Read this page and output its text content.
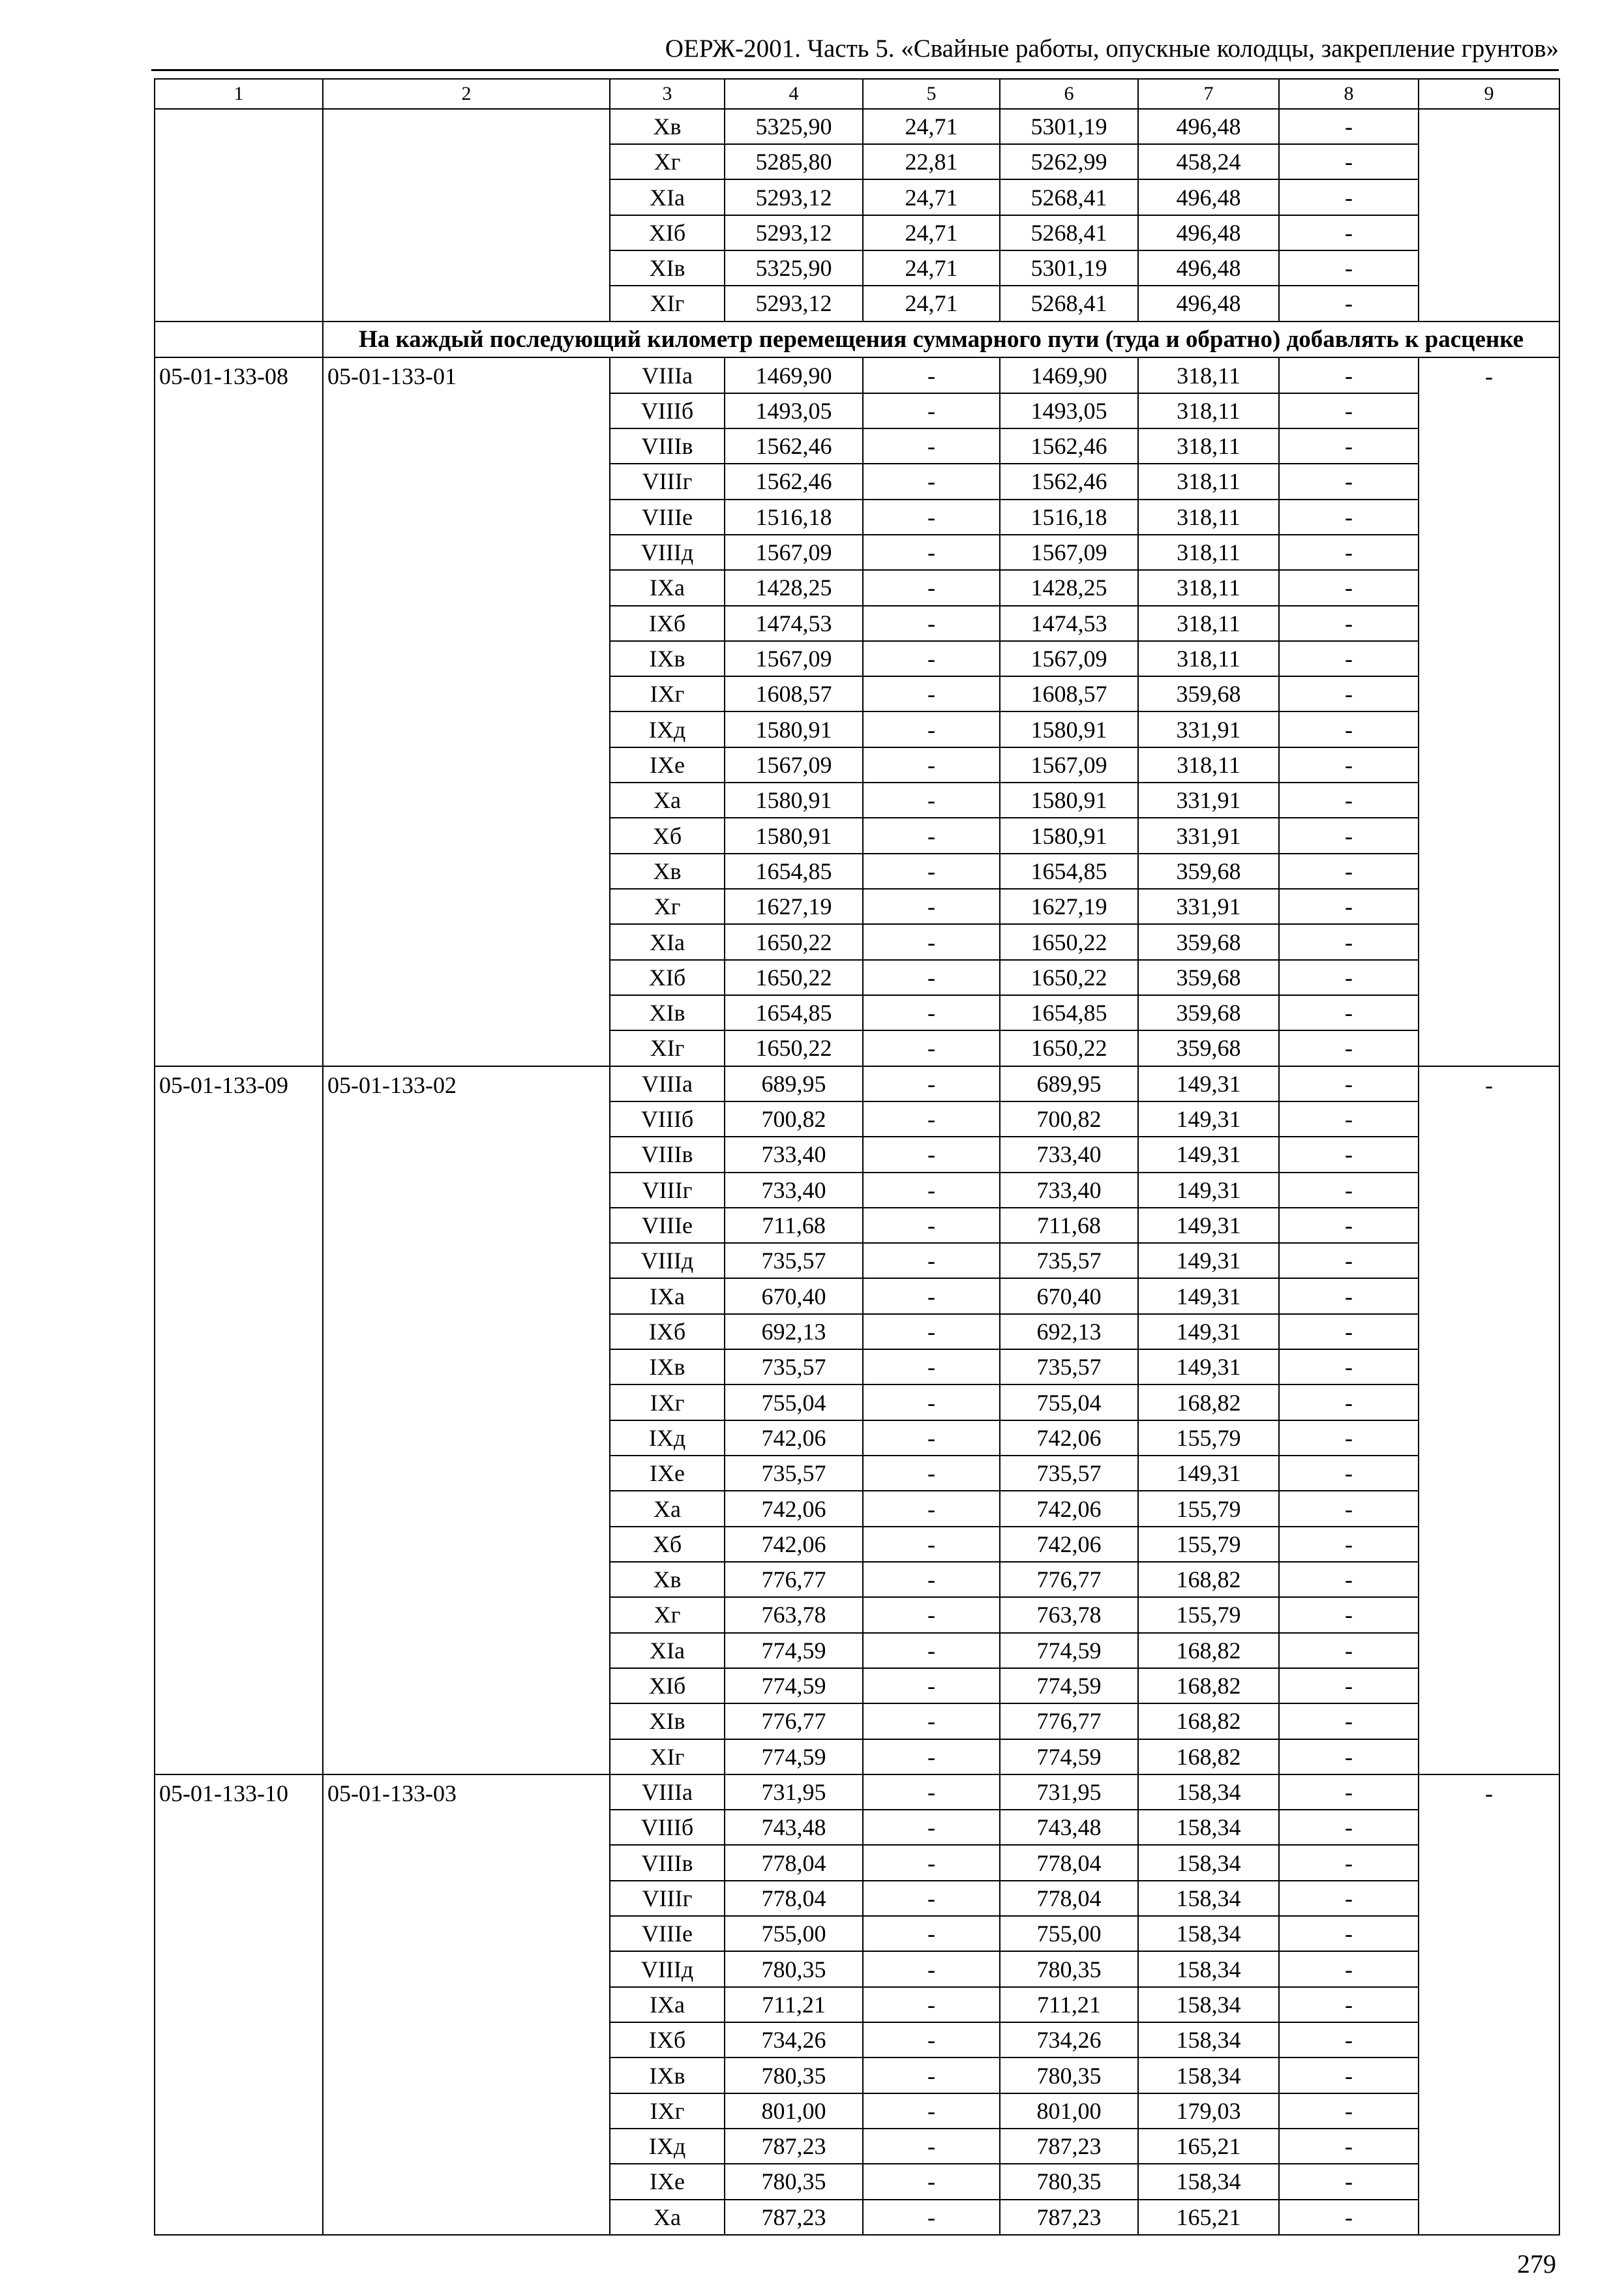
ОЕРЖ-2001. Часть 5. «Свайные работы, опускные колодцы, закрепление грунтов»
1	2	3	4	5	6	7	8	9
		Xв	5325,90	24,71	5301,19	496,48	-	
		Xг	5285,80	22,81	5262,99	458,24	-	
		XIа	5293,12	24,71	5268,41	496,48	-	
		XIб	5293,12	24,71	5268,41	496,48	-	
		XIв	5325,90	24,71	5301,19	496,48	-	
		XIг	5293,12	24,71	5268,41	496,48	-	
	На каждый последующий километр перемещения суммарного пути (туда и обратно) добавлять к расценке							
05-01-133-08	05-01-133-01	VIIIа	1469,90	-	1469,90	318,11	-	-
		VIIIб	1493,05	-	1493,05	318,11	-	
		VIIIв	1562,46	-	1562,46	318,11	-	
		VIIIг	1562,46	-	1562,46	318,11	-	
		VIIIе	1516,18	-	1516,18	318,11	-	
		VIIIд	1567,09	-	1567,09	318,11	-	
		IXа	1428,25	-	1428,25	318,11	-	
		IXб	1474,53	-	1474,53	318,11	-	
		IXв	1567,09	-	1567,09	318,11	-	
		IXг	1608,57	-	1608,57	359,68	-	
		IXд	1580,91	-	1580,91	331,91	-	
		IXе	1567,09	-	1567,09	318,11	-	
		Xа	1580,91	-	1580,91	331,91	-	
		Xб	1580,91	-	1580,91	331,91	-	
		Xв	1654,85	-	1654,85	359,68	-	
		Xг	1627,19	-	1627,19	331,91	-	
		XIа	1650,22	-	1650,22	359,68	-	
		XIб	1650,22	-	1650,22	359,68	-	
		XIв	1654,85	-	1654,85	359,68	-	
		XIг	1650,22	-	1650,22	359,68	-	
05-01-133-09	05-01-133-02	VIIIа	689,95	-	689,95	149,31	-	-
		VIIIб	700,82	-	700,82	149,31	-	
		VIIIв	733,40	-	733,40	149,31	-	
		VIIIг	733,40	-	733,40	149,31	-	
		VIIIе	711,68	-	711,68	149,31	-	
		VIIIд	735,57	-	735,57	149,31	-	
		IXа	670,40	-	670,40	149,31	-	
		IXб	692,13	-	692,13	149,31	-	
		IXв	735,57	-	735,57	149,31	-	
		IXг	755,04	-	755,04	168,82	-	
		IXд	742,06	-	742,06	155,79	-	
		IXе	735,57	-	735,57	149,31	-	
		Xа	742,06	-	742,06	155,79	-	
		Xб	742,06	-	742,06	155,79	-	
		Xв	776,77	-	776,77	168,82	-	
		Xг	763,78	-	763,78	155,79	-	
		XIа	774,59	-	774,59	168,82	-	
		XIб	774,59	-	774,59	168,82	-	
		XIв	776,77	-	776,77	168,82	-	
		XIг	774,59	-	774,59	168,82	-	
05-01-133-10	05-01-133-03	VIIIа	731,95	-	731,95	158,34	-	-
		VIIIб	743,48	-	743,48	158,34	-	
		VIIIв	778,04	-	778,04	158,34	-	
		VIIIг	778,04	-	778,04	158,34	-	
		VIIIе	755,00	-	755,00	158,34	-	
		VIIIд	780,35	-	780,35	158,34	-	
		IXа	711,21	-	711,21	158,34	-	
		IXб	734,26	-	734,26	158,34	-	
		IXв	780,35	-	780,35	158,34	-	
		IXг	801,00	-	801,00	179,03	-	
		IXд	787,23	-	787,23	165,21	-	
		IXе	780,35	-	780,35	158,34	-	
		Xа	787,23	-	787,23	165,21	-	
279
